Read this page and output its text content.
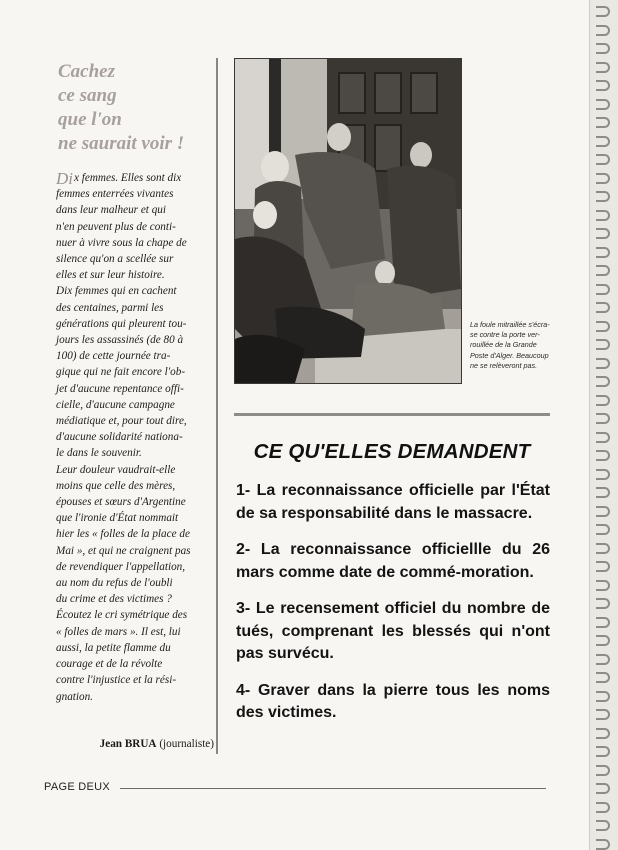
Cachez
ce sang
que l'on
ne saurait voir !
Di x femmes. Elles sont dix
femmes enterrées vivantes
dans leur malheur et qui
n'en peuvent plus de conti-
nuer à vivre sous la chape de
silence qu'on a scellée sur
elles et sur leur histoire.
Dix femmes qui en cachent
des centaines, parmi les
générations qui pleurent tou-
jours les assassinés (de 80 à
100) de cette journée tra-
gique qui ne fait encore l'ob-
jet d'aucune repentance offi-
cielle, d'aucune campagne
médiatique et, pour tout dire,
d'aucune solidarité nationa-
le dans le souvenir.
Leur douleur vaudrait-elle
moins que celle des mères,
épouses et sœurs d'Argentine
que l'ironie d'État nommait
hier les « folles de la place de
Mai », et qui ne craignent pas
de revendiquer l'appellation,
au nom du refus de l'oubli
du crime et des victimes ?
Écoutez le cri symétrique des
« folles de mars ». Il est, lui
aussi, la petite flamme du
courage et de la révolte
contre l'injustice et la rési-
gnation.
Jean BRUA (journaliste)
La foule mitraillée s'écra-
se contre la porte ver-
rouillée de la Grande
Poste d'Alger. Beaucoup
ne se relèveront pas.
CE QU'ELLES DEMANDENT
1- La reconnaissance officielle par l'État de sa responsabilité dans le massacre.
2- La reconnaissance officiellle du 26 mars comme date de commé-moration.
3- Le recensement officiel du nombre de tués, comprenant les blessés qui n'ont pas survécu.
4- Graver dans la pierre tous les noms des victimes.
PAGE DEUX
